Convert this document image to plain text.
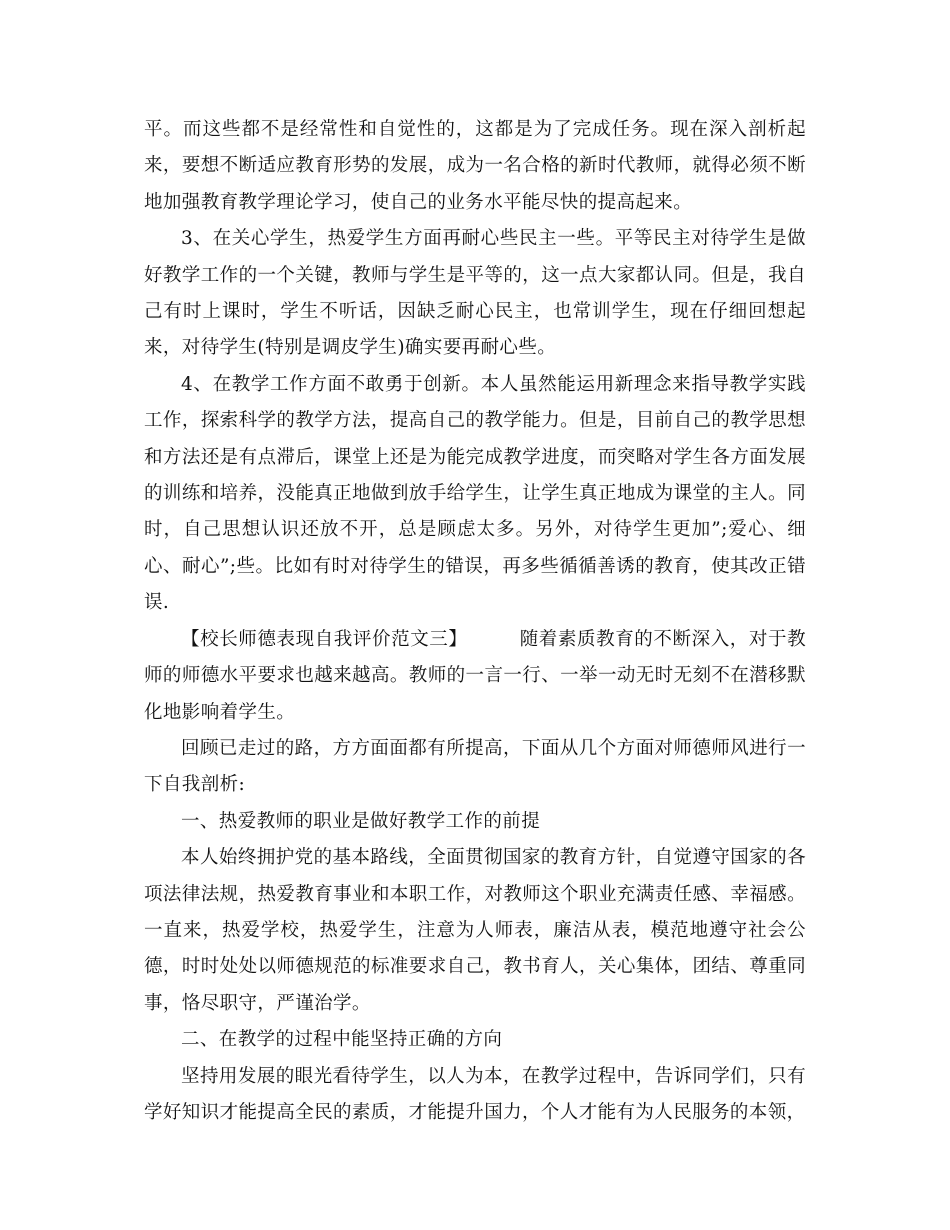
平。而这些都不是经常性和自觉性的，这都是为了完成任务。现在深入剖析起来，要想不断适应教育形势的发展，成为一名合格的新时代教师，就得必须不断地加强教育教学理论学习，使自己的业务水平能尽快的提高起来。

3、在关心学生，热爱学生方面再耐心些民主一些。平等民主对待学生是做好教学工作的一个关键，教师与学生是平等的，这一点大家都认同。但是，我自己有时上课时，学生不听话，因缺乏耐心民主，也常训学生，现在仔细回想起来，对待学生(特别是调皮学生)确实要再耐心些。

4、在教学工作方面不敢勇于创新。本人虽然能运用新理念来指导教学实践工作，探索科学的教学方法，提高自己的教学能力。但是，目前自己的教学思想和方法还是有点滞后，课堂上还是为能完成教学进度，而突略对学生各方面发展的训练和培养，没能真正地做到放手给学生，让学生真正地成为课堂的主人。同时，自己思想认识还放不开，总是顾虑太多。另外，对待学生更加”;爱心、细心、耐心”;些。比如有时对待学生的错误，再多些循循善诱的教育，使其改正错误.

【校长师德表现自我评价范文三】	随着素质教育的不断深入，对于教师的师德水平要求也越来越高。教师的一言一行、一举一动无时无刻不在潜移默化地影响着学生。

回顾已走过的路，方方面面都有所提高，下面从几个方面对师德师风进行一下自我剖析:

一、热爱教师的职业是做好教学工作的前提

本人始终拥护党的基本路线，全面贯彻国家的教育方针，自觉遵守国家的各项法律法规，热爱教育事业和本职工作，对教师这个职业充满责任感、幸福感。一直来，热爱学校，热爱学生，注意为人师表，廉洁从表，模范地遵守社会公德，时时处处以师德规范的标准要求自己，教书育人，关心集体，团结、尊重同事，恪尽职守，严谨治学。

二、在教学的过程中能坚持正确的方向

坚持用发展的眼光看待学生，以人为本，在教学过程中，告诉同学们，只有学好知识才能提高全民的素质，才能提升国力，个人才能有为人民服务的本领，
